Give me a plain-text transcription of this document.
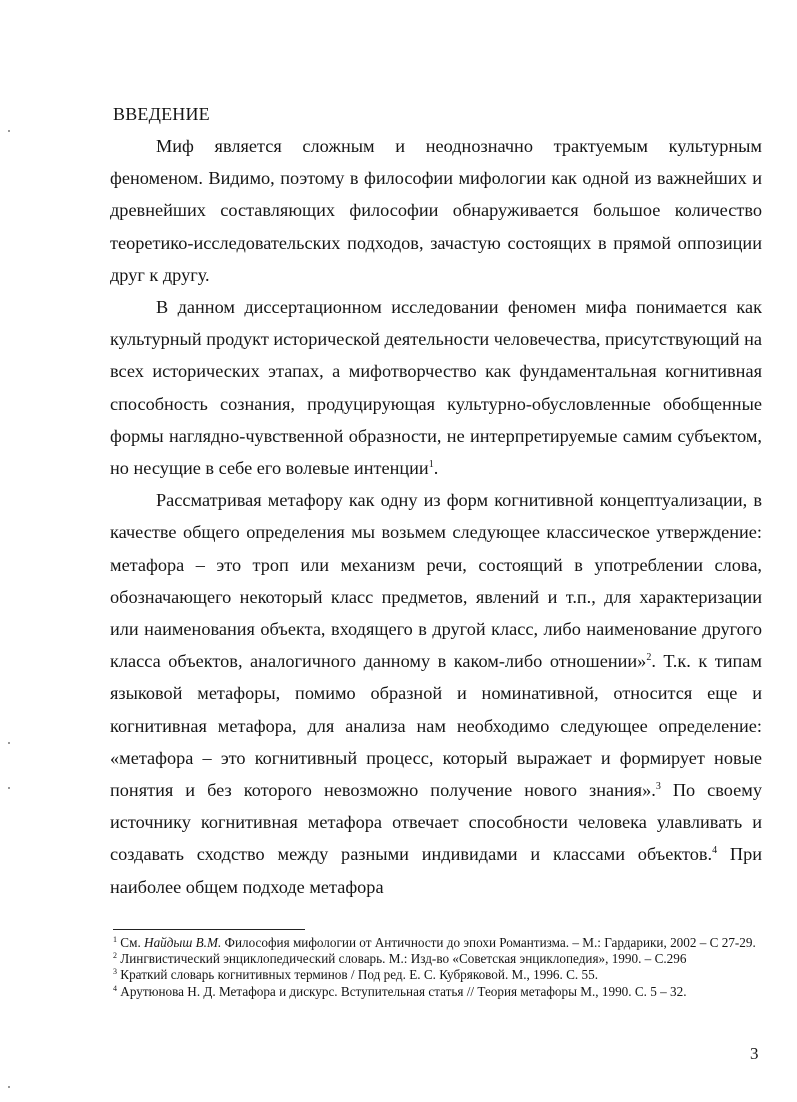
ВВЕДЕНИЕ

Миф является сложным и неоднозначно трактуемым культурным феноменом. Видимо, поэтому в философии мифологии как одной из важнейших и древнейших составляющих философии обнаруживается большое количество теоретико-исследовательских подходов, зачастую состоящих в прямой оппозиции друг к другу.

В данном диссертационном исследовании феномен мифа понимается как культурный продукт исторической деятельности человечества, присутствующий на всех исторических этапах, а мифотворчество как фундаментальная когнитивная способность сознания, продуцирующая культурно-обусловленные обобщенные формы наглядно-чувственной образности, не интерпретируемые самим субъектом, но несущие в себе его волевые интенции$^1$.

Рассматривая метафору как одну из форм когнитивной концептуализации, в качестве общего определения мы возьмем следующее классическое утверждение: метафора – это троп или механизм речи, состоящий в употреблении слова, обозначающего некоторый класс предметов, явлений и т.п., для характеризации или наименования объекта, входящего в другой класс, либо наименование другого класса объектов, аналогичного данному в каком-либо отношении»$^2$. Т.к. к типам языковой метафоры, помимо образной и номинативной, относится еще и когнитивная метафора, для анализа нам необходимо следующее определение: «метафора – это когнитивный процесс, который выражает и формирует новые понятия и без которого невозможно получение нового знания».$^3$ По своему источнику когнитивная метафора отвечает способности человека улавливать и создавать сходство между разными индивидами и классами объектов.$^4$ При наиболее общем подходе метафора

$^1$ См. Найдыш В.М. Философия мифологии от Античности до эпохи Романтизма. – М.: Гардарики, 2002 – С 27-29.

$^2$ Лингвистический энциклопедический словарь. М.: Изд-во «Советская энциклопедия», 1990. – С.296

$^3$ Краткий словарь когнитивных терминов / Под ред. Е. С. Кубряковой. М., 1996. С. 55.

$^4$ Арутюнова Н. Д. Метафора и дискурс. Вступительная статья // Теория метафоры М., 1990. С. 5 – 32.

3
